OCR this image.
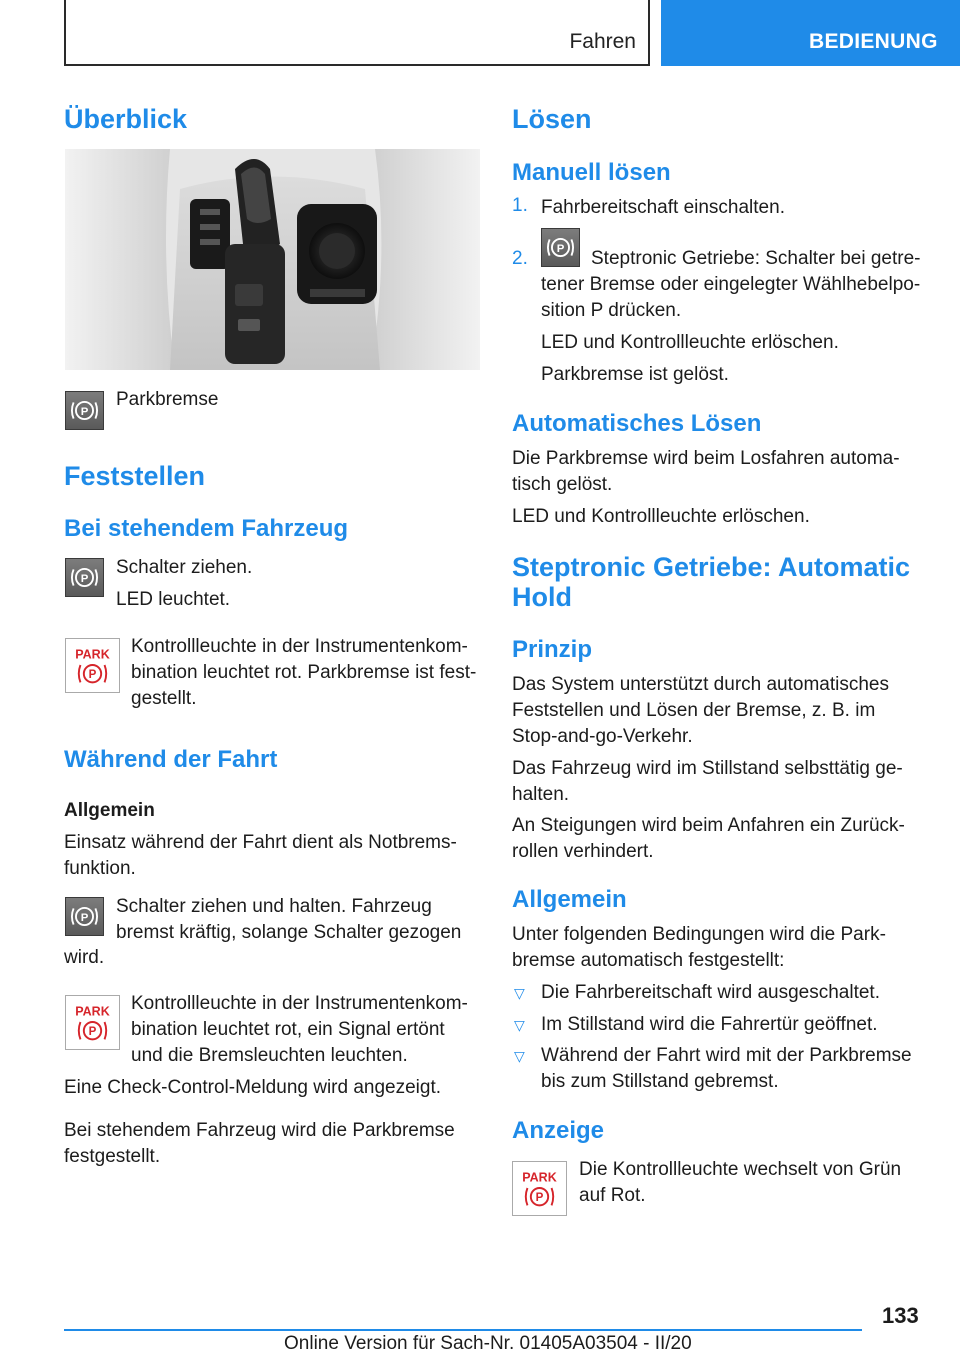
Fahren	BEDIENUNG
Überblick
P
Parkbremse
Feststellen
Bei stehendem Fahrzeug
P
Schalter ziehen.
LED leuchtet.
PARK
P
Kontrollleuchte in der Instrumentenkom-
bination leuchtet rot. Parkbremse ist fest-
gestellt.
Während der Fahrt
Allgemein
Einsatz während der Fahrt dient als Notbrems-
funktion.
P
Schalter ziehen und halten. Fahrzeug
bremst kräftig, solange Schalter gezogen
wird.
PARK
P
Kontrollleuchte in der Instrumentenkom-
bination leuchtet rot, ein Signal ertönt
und die Bremsleuchten leuchten.
Eine Check-Control-Meldung wird angezeigt.
Bei stehendem Fahrzeug wird die Parkbremse
festgestellt.
Lösen
Manuell lösen
1. Fahrbereitschaft einschalten.
2. P Steptronic Getriebe: Schalter bei getre-
tener Bremse oder eingelegter Wählhebelpo-
sition P drücken.
LED und Kontrollleuchte erlöschen.
Parkbremse ist gelöst.
Automatisches Lösen
Die Parkbremse wird beim Losfahren automa-
tisch gelöst.
LED und Kontrollleuchte erlöschen.
Steptronic Getriebe: Automatic
Hold
Prinzip
Das System unterstützt durch automatisches
Feststellen und Lösen der Bremse, z. B. im
Stop-and-go-Verkehr.
Das Fahrzeug wird im Stillstand selbsttätig ge-
halten.
An Steigungen wird beim Anfahren ein Zurück-
rollen verhindert.
Allgemein
Unter folgenden Bedingungen wird die Park-
bremse automatisch festgestellt:
▽ Die Fahrbereitschaft wird ausgeschaltet.
▽ Im Stillstand wird die Fahrertür geöffnet.
▽ Während der Fahrt wird mit der Parkbremse
bis zum Stillstand gebremst.
Anzeige
PARK
P
Die Kontrollleuchte wechselt von Grün
auf Rot.
133
Online Version für Sach-Nr. 01405A03504 - II/20
